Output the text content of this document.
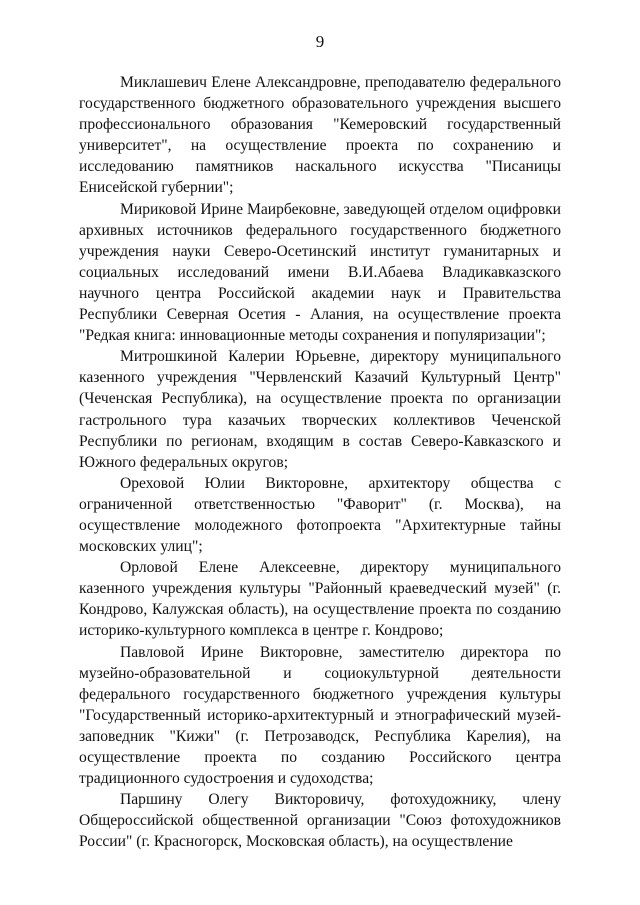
9

Миклашевич Елене Александровне, преподавателю федерального государственного бюджетного образовательного учреждения высшего профессионального образования "Кемеровский государственный университет", на осуществление проекта по сохранению и исследованию памятников наскального искусства "Писаницы Енисейской губернии";

Мириковой Ирине Маирбековне, заведующей отделом оцифровки архивных источников федерального государственного бюджетного учреждения науки Северо-Осетинский институт гуманитарных и социальных исследований имени В.И.Абаева Владикавказского научного центра Российской академии наук и Правительства Республики Северная Осетия - Алания, на осуществление проекта "Редкая книга: инновационные методы сохранения и популяризации";

Митрошкиной Калерии Юрьевне, директору муниципального казенного учреждения "Червленский Казачий Культурный Центр" (Чеченская Республика), на осуществление проекта по организации гастрольного тура казачьих творческих коллективов Чеченской Республики по регионам, входящим в состав Северо-Кавказского и Южного федеральных округов;

Ореховой Юлии Викторовне, архитектору общества с ограниченной ответственностью "Фаворит" (г. Москва), на осуществление молодежного фотопроекта "Архитектурные тайны московских улиц";

Орловой Елене Алексеевне, директору муниципального казенного учреждения культуры "Районный краеведческий музей" (г. Кондрово, Калужская область), на осуществление проекта по созданию историко-культурного комплекса в центре г. Кондрово;

Павловой Ирине Викторовне, заместителю директора по музейно-образовательной и социокультурной деятельности федерального государственного бюджетного учреждения культуры "Государственный историко-архитектурный и этнографический музей-заповедник "Кижи" (г. Петрозаводск, Республика Карелия), на осуществление проекта по созданию Российского центра традиционного судостроения и судоходства;

Паршину Олегу Викторовичу, фотохудожнику, члену Общероссийской общественной организации "Союз фотохудожников России" (г. Красногорск, Московская область), на осуществление
